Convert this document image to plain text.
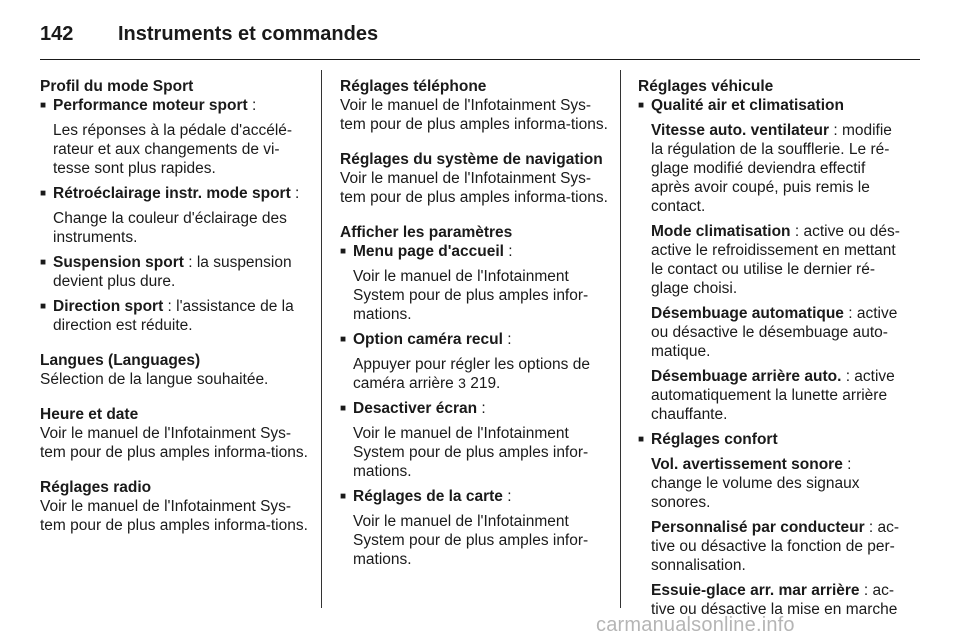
142 Instruments et commandes
Profil du mode Sport
■ Performance moteur sport :
Les réponses à la pédale d'accélé-rateur et aux changements de vi-tesse sont plus rapides.
■ Rétroéclairage instr. mode sport :
Change la couleur d'éclairage des instruments.
■ Suspension sport : la suspension devient plus dure.
■ Direction sport : l'assistance de la direction est réduite.
Langues (Languages)
Sélection de la langue souhaitée.
Heure et date
Voir le manuel de l'Infotainment Sys-tem pour de plus amples informa-tions.
Réglages radio
Voir le manuel de l'Infotainment Sys-tem pour de plus amples informa-tions.
Réglages téléphone
Voir le manuel de l'Infotainment Sys-tem pour de plus amples informa-tions.
Réglages du système de navigation
Voir le manuel de l'Infotainment Sys-tem pour de plus amples informa-tions.
Afficher les paramètres
■ Menu page d'accueil :
Voir le manuel de l'Infotainment System pour de plus amples infor-mations.
■ Option caméra recul :
Appuyer pour régler les options de caméra arrière 3 219.
■ Desactiver écran :
Voir le manuel de l'Infotainment System pour de plus amples infor-mations.
■ Réglages de la carte :
Voir le manuel de l'Infotainment System pour de plus amples infor-mations.
Réglages véhicule
■ Qualité air et climatisation
Vitesse auto. ventilateur : modifie la régulation de la soufflerie. Le ré-glage modifié deviendra effectif après avoir coupé, puis remis le contact.
Mode climatisation : active ou dés-active le refroidissement en mettant le contact ou utilise le dernier ré-glage choisi.
Désembuage automatique : active ou désactive le désembuage auto-matique.
Désembuage arrière auto. : active automatiquement la lunette arrière chauffante.
■ Réglages confort
Vol. avertissement sonore : change le volume des signaux sonores.
Personnalisé par conducteur : ac-tive ou désactive la fonction de per-sonnalisation.
Essuie-glace arr. mar arrière : ac-tive ou désactive la mise en marche
carmanualsonline.info
